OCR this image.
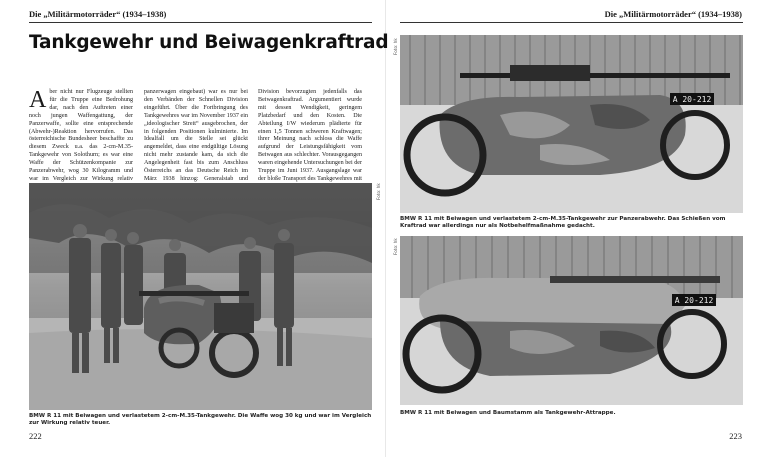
Die „Militärmotorräder“ (1934–1938)	Die „Militärmotorräder“ (1934–1938)
Tankgewehr und Beiwagenkraftrad
A ber nicht nur Flugzeuge stellten für die Truppe eine Bedrohung dar, nach den Auftreten einer noch jungen Waffengattung, der Panzerwaffe, sollte eine entsprechende (Abwehr-)Reaktion hervorrufen. Das österreichische Bundesheer beschaffte zu diesem Zweck u.a. das 2-cm-M.35-Tankgewehr von Solothurn; es war eine Waffe der Schützenkompanie zur Panzerabwehr, wog 30 Kilogramm und war im Vergleich zur Wirkung relativ
panzerwagen eingebaut) war es nur bei den Verbänden der Schnellen Division eingeführt. Über die Fortbringung des Tankgewehres war im November 1937 ein „ideologischer Streit“ ausgebrochen, der in folgenden Positionen kulminierte. Im Idealfall um die Stelle sei glückt angemeldet, dass eine endgültige Lösung nicht mehr zustande kam, da sich die Angelegenheit fast bis zum Anschluss Österreichs an das Deutsche Reich im März 1938 hinzog: Generalstab und
Division bevorzugten jedenfalls das Beiwagenkraftrad. Argumentiert wurde mit dessen Wendigkeit, geringem Platzbedarf und den Kosten. Die Abteilung I/W wiederum plädierte für einen 1,5 Tonnen schweren Kraftwagen; ihrer Meinung nach schloss die Waffe aufgrund der Leistungsfähigkeit vom Beiwagen aus schlechter. Vorausgegangen waren eingehende Untersuchungen bei der Truppe im Juni 1937. Ausgangslage war der bloße Transport des Tankgewehres mit
Foto: hk
BMW R 11 mit Beiwagen und verlastetem 2-cm-M.35-Tankgewehr. Die Waffe wog 30 kg und war im Vergleich zur Wirkung relativ teuer.
A 20-212
Foto: hk
BMW R 11 mit Beiwagen und verlastetem 2-cm-M.35-Tankgewehr zur Panzerabwehr. Das Schießen vom Kraftrad war allerdings nur als Notbehelfmaßnahme gedacht.
A 20-212
Foto: hk
BMW R 11 mit Beiwagen und Baumstamm als Tankgewehr-Attrappe.
222	223
